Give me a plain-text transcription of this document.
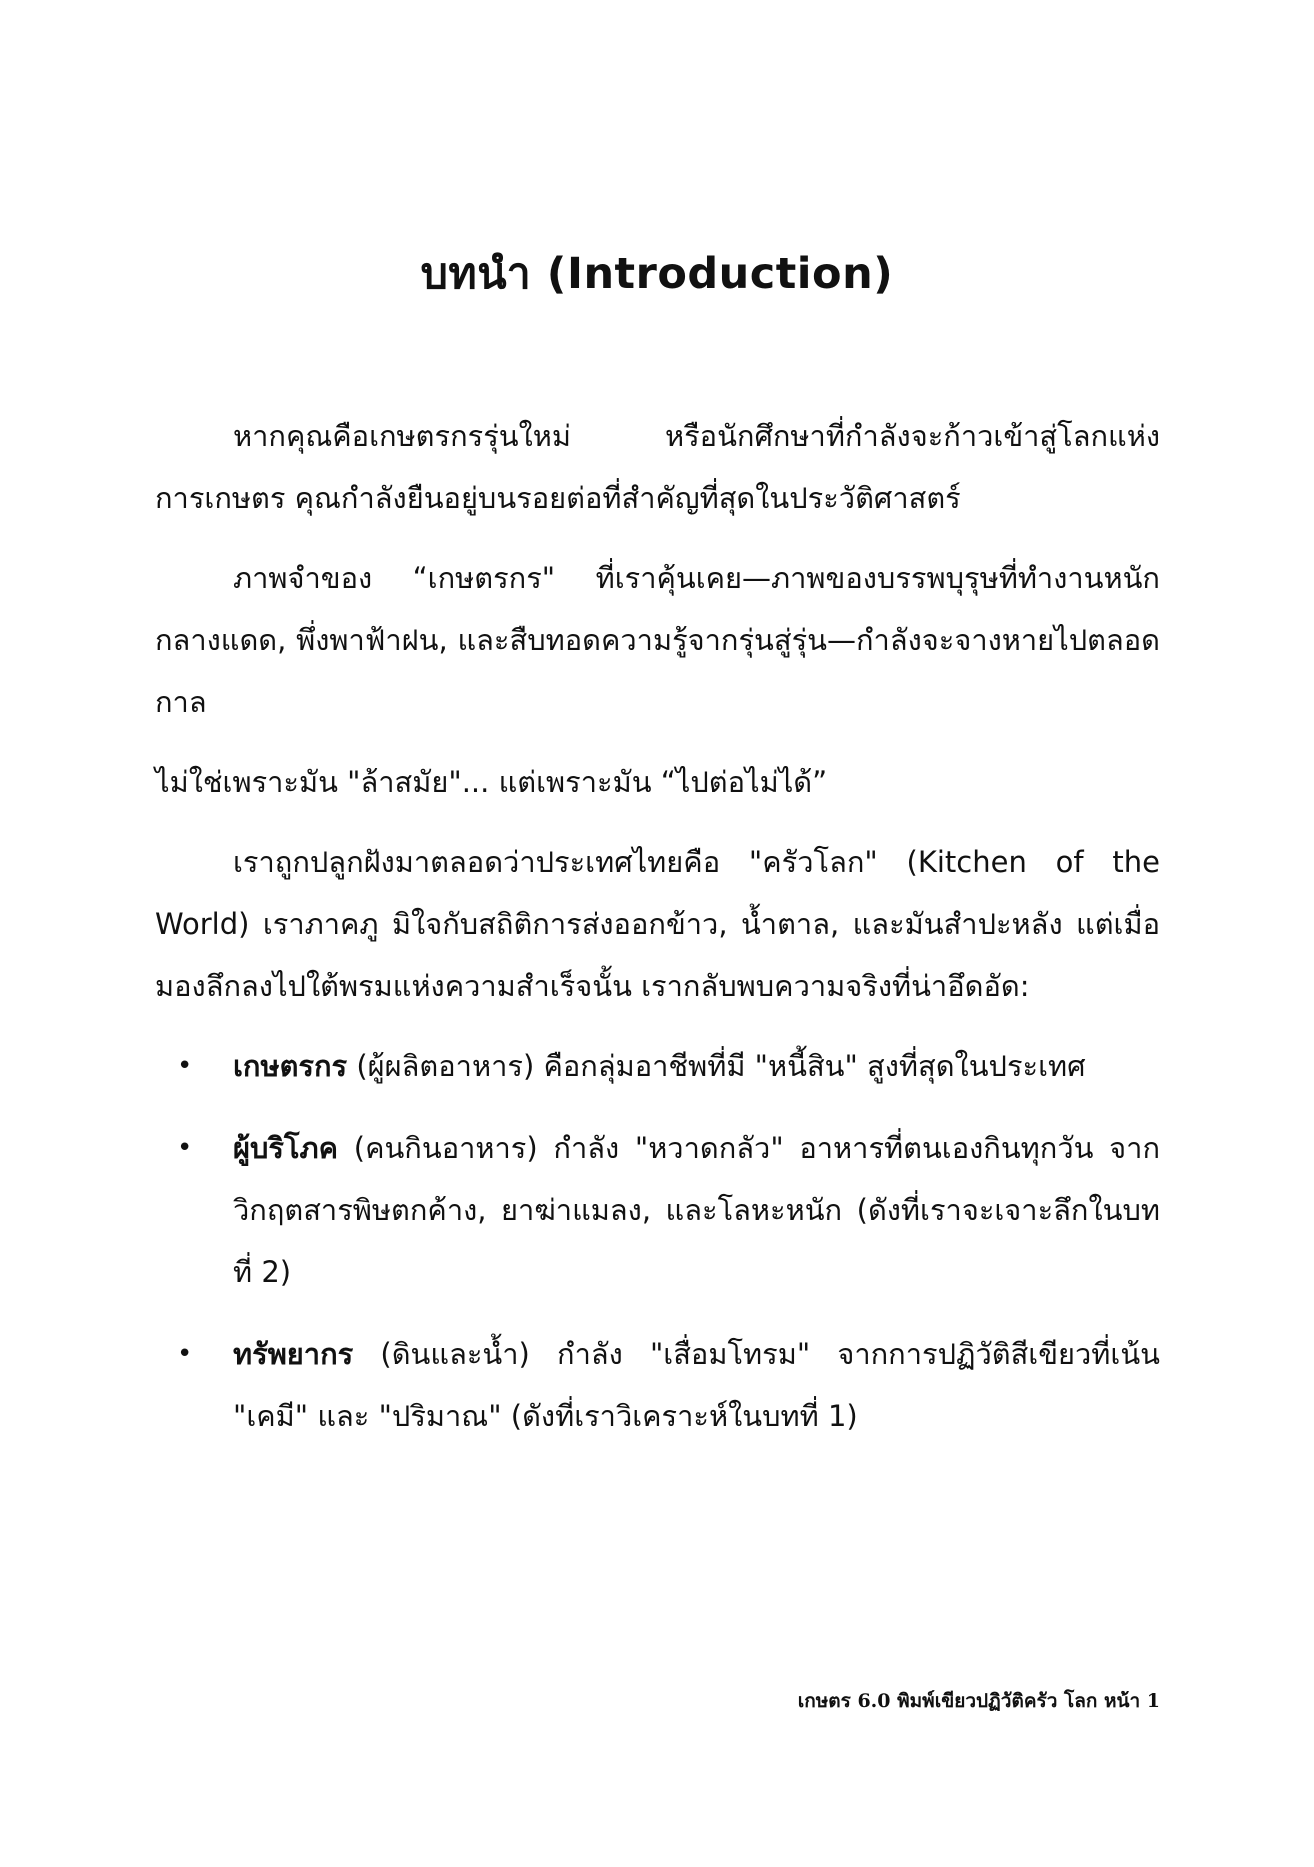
บทนำ (Introduction)

หากคุณคือเกษตรกรรุ่นใหม่ หรือนักศึกษาที่กำลังจะก้าวเข้าสู่โลกแห่งการเกษตร คุณกำลังยืนอยู่บนรอยต่อที่สำคัญที่สุดในประวัติศาสตร์

ภาพจำของ “เกษตรกร" ที่เราคุ้นเคย—ภาพของบรรพบุรุษที่ทำงานหนักกลางแดด, พึ่งพาฟ้าฝน, และสืบทอดความรู้จากรุ่นสู่รุ่น—กำลังจะจางหายไปตลอดกาล

ไม่ใช่เพราะมัน "ล้าสมัย"... แต่เพราะมัน “ไปต่อไม่ได้”

เราถูกปลูกฝังมาตลอดว่าประเทศไทยคือ "ครัวโลก" (Kitchen of the World) เราภาคภู มิใจกับสถิติการส่งออกข้าว, น้ำตาล, และมันสำปะหลัง แต่เมื่อมองลึกลงไปใต้พรมแห่งความสำเร็จนั้น เรากลับพบความจริงที่น่าอึดอัด:

• เกษตรกร (ผู้ผลิตอาหาร) คือกลุ่มอาชีพที่มี "หนี้สิน" สูงที่สุดในประเทศ
• ผู้บริโภค (คนกินอาหาร) กำลัง "หวาดกลัว" อาหารที่ตนเองกินทุกวัน จากวิกฤตสารพิษตกค้าง, ยาฆ่าแมลง, และโลหะหนัก (ดังที่เราจะเจาะลึกในบทที่ 2)
• ทรัพยากร (ดินและน้ำ) กำลัง "เสื่อมโทรม" จากการปฏิวัติสีเขียวที่เน้น "เคมี" และ "ปริมาณ" (ดังที่เราวิเคราะห์ในบทที่ 1)
เกษตร 6.0 พิมพ์เขียวปฏิวัติครัว โลก หน้า 1
